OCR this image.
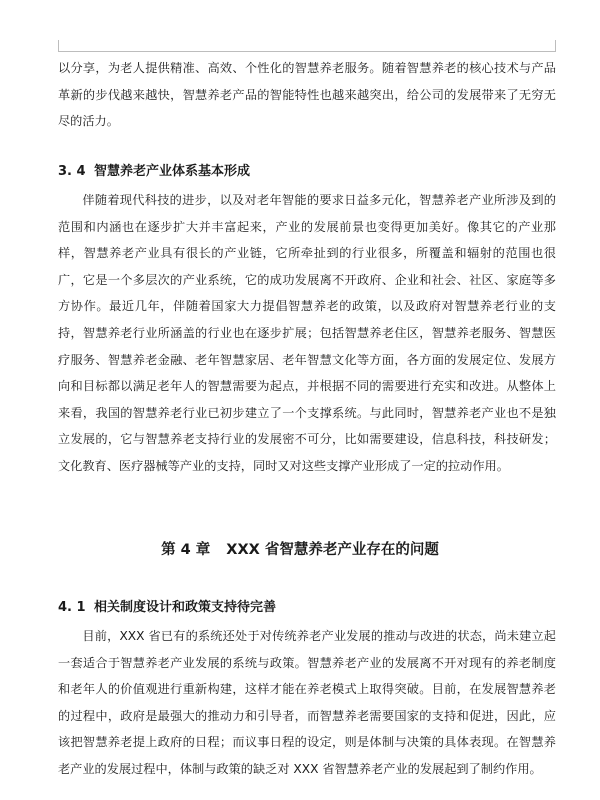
以分享，为老人提供精准、高效、个性化的智慧养老服务。随着智慧养老的核心技术与产品革新的步伐越来越快，智慧养老产品的智能特性也越来越突出，给公司的发展带来了无穷无尽的活力。

3. 4 智慧养老产业体系基本形成

伴随着现代科技的进步，以及对老年智能的要求日益多元化，智慧养老产业所涉及到的范围和内涵也在逐步扩大并丰富起来，产业的发展前景也变得更加美好。像其它的产业那样，智慧养老产业具有很长的产业链，它所牵扯到的行业很多，所覆盖和辐射的范围也很广，它是一个多层次的产业系统，它的成功发展离不开政府、企业和社会、社区、家庭等多方协作。最近几年，伴随着国家大力提倡智慧养老的政策，以及政府对智慧养老行业的支持，智慧养老行业所涵盖的行业也在逐步扩展；包括智慧养老住区，智慧养老服务、智慧医疗服务、智慧养老金融、老年智慧家居、老年智慧文化等方面，各方面的发展定位、发展方向和目标都以满足老年人的智慧需要为起点，并根据不同的需要进行充实和改进。从整体上来看，我国的智慧养老行业已初步建立了一个支撑系统。与此同时，智慧养老产业也不是独立发展的，它与智慧养老支持行业的发展密不可分，比如需要建设，信息科技，科技研发；文化教育、医疗器械等产业的支持，同时又对这些支撑产业形成了一定的拉动作用。

第 4 章 XXX 省智慧养老产业存在的问题
4. 1 相关制度设计和政策支持待完善

目前，XXX 省已有的系统还处于对传统养老产业发展的推动与改进的状态，尚未建立起一套适合于智慧养老产业发展的系统与政策。智慧养老产业的发展离不开对现有的养老制度和老年人的价值观进行重新构建，这样才能在养老模式上取得突破。目前，在发展智慧养老的过程中，政府是最强大的推动力和引导者，而智慧养老需要国家的支持和促进，因此，应该把智慧养老提上政府的日程；而议事日程的设定，则是体制与决策的具体表现。在智慧养老产业的发展过程中，体制与政策的缺乏对 XXX 省智慧养老产业的发展起到了制约作用。
